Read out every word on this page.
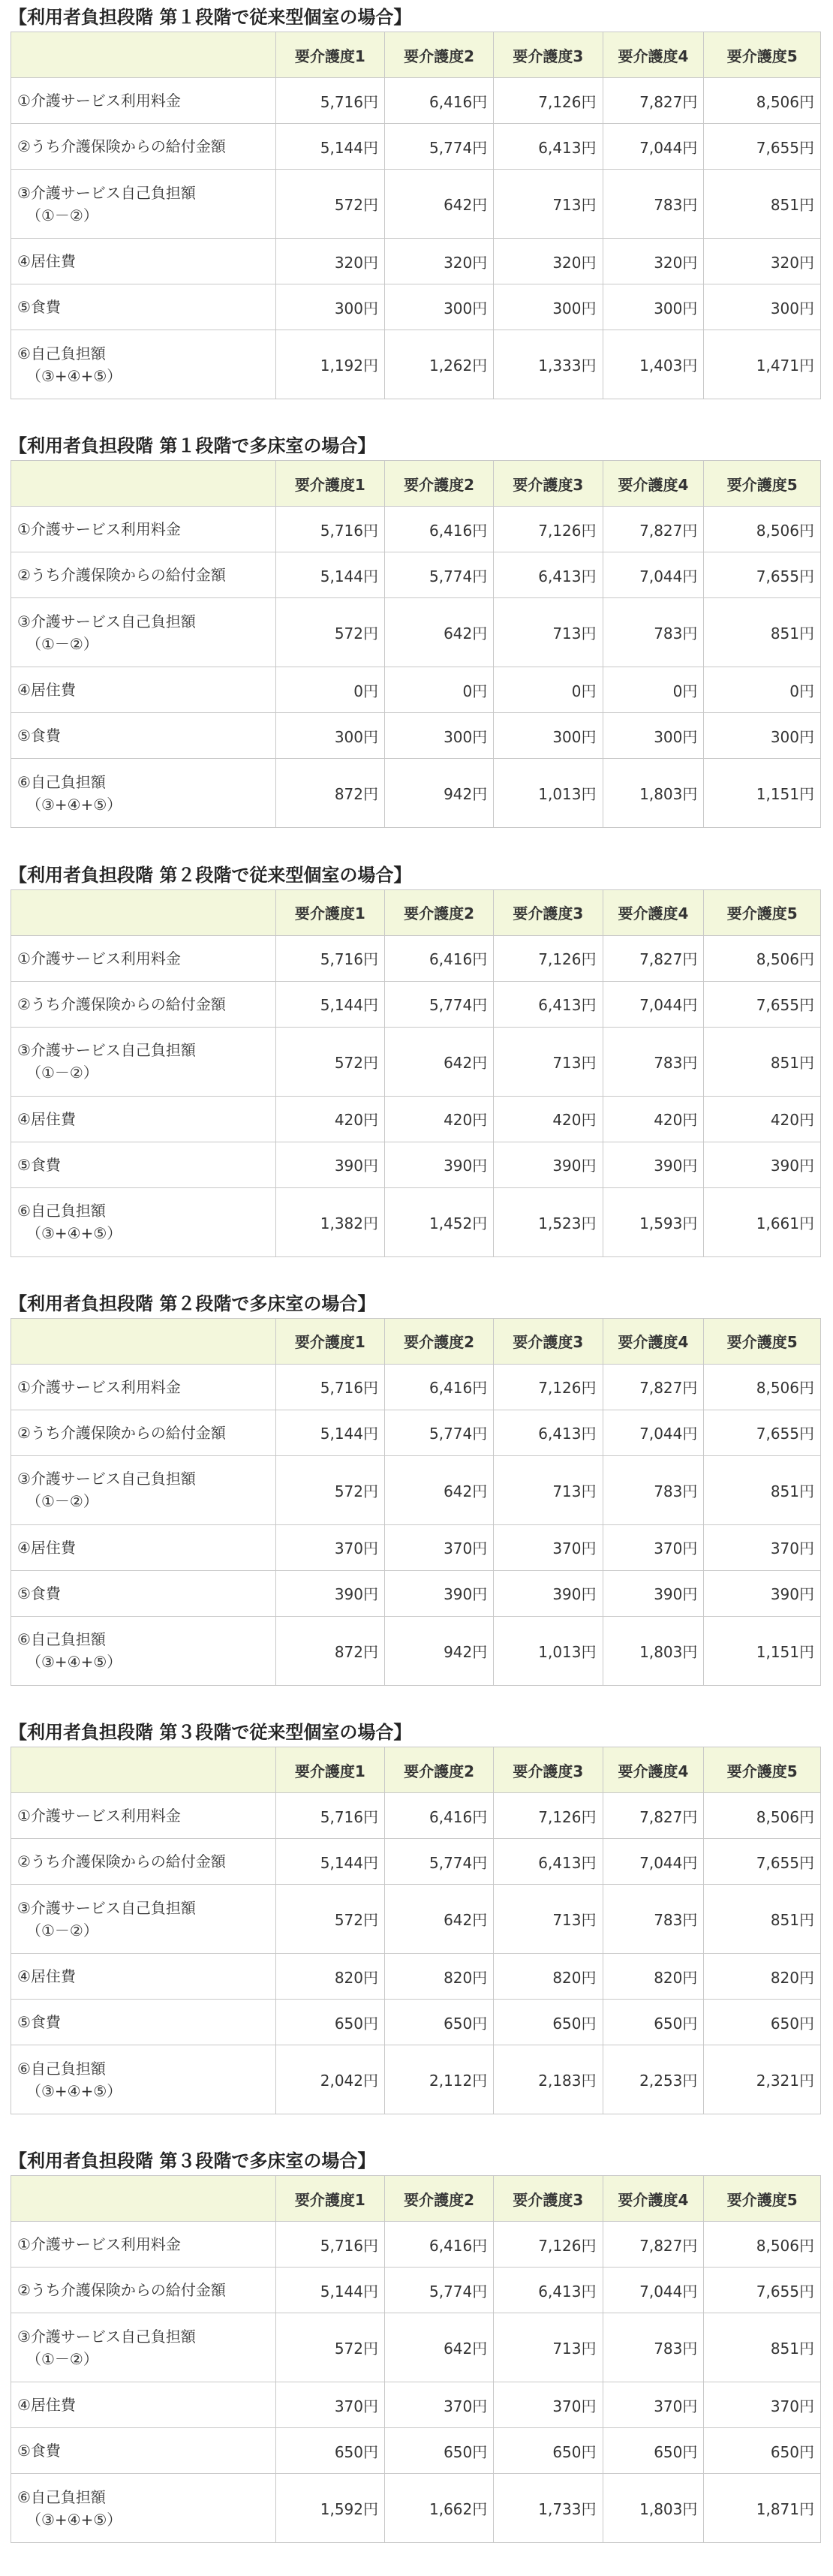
【利用者負担段階 第１段階で従来型個室の場合】
	要介護度1	要介護度2	要介護度3	要介護度4	要介護度5

①介護サービス利用料金	5,716円	6,416円	7,126円	7,827円	8,506円

②うち介護保険からの給付金額	5,144円	5,774円	6,413円	7,044円	7,655円

③介護サービス自己負担額
（①－②）	572円	642円	713円	783円	851円

④居住費	320円	320円	320円	320円	320円

⑤食費	300円	300円	300円	300円	300円

⑥自己負担額
（③+④+⑤）	1,192円	1,262円	1,333円	1,403円	1,471円
【利用者負担段階 第１段階で多床室の場合】
	要介護度1	要介護度2	要介護度3	要介護度4	要介護度5

①介護サービス利用料金	5,716円	6,416円	7,126円	7,827円	8,506円

②うち介護保険からの給付金額	5,144円	5,774円	6,413円	7,044円	7,655円

③介護サービス自己負担額
（①－②）	572円	642円	713円	783円	851円

④居住費	0円	0円	0円	0円	0円

⑤食費	300円	300円	300円	300円	300円

⑥自己負担額
（③+④+⑤）	872円	942円	1,013円	1,803円	1,151円
【利用者負担段階 第２段階で従来型個室の場合】
	要介護度1	要介護度2	要介護度3	要介護度4	要介護度5

①介護サービス利用料金	5,716円	6,416円	7,126円	7,827円	8,506円

②うち介護保険からの給付金額	5,144円	5,774円	6,413円	7,044円	7,655円

③介護サービス自己負担額
（①－②）	572円	642円	713円	783円	851円

④居住費	420円	420円	420円	420円	420円

⑤食費	390円	390円	390円	390円	390円

⑥自己負担額
（③+④+⑤）	1,382円	1,452円	1,523円	1,593円	1,661円
【利用者負担段階 第２段階で多床室の場合】
	要介護度1	要介護度2	要介護度3	要介護度4	要介護度5

①介護サービス利用料金	5,716円	6,416円	7,126円	7,827円	8,506円

②うち介護保険からの給付金額	5,144円	5,774円	6,413円	7,044円	7,655円

③介護サービス自己負担額
（①－②）	572円	642円	713円	783円	851円

④居住費	370円	370円	370円	370円	370円

⑤食費	390円	390円	390円	390円	390円

⑥自己負担額
（③+④+⑤）	872円	942円	1,013円	1,803円	1,151円
【利用者負担段階 第３段階で従来型個室の場合】
	要介護度1	要介護度2	要介護度3	要介護度4	要介護度5

①介護サービス利用料金	5,716円	6,416円	7,126円	7,827円	8,506円

②うち介護保険からの給付金額	5,144円	5,774円	6,413円	7,044円	7,655円

③介護サービス自己負担額
（①－②）	572円	642円	713円	783円	851円

④居住費	820円	820円	820円	820円	820円

⑤食費	650円	650円	650円	650円	650円

⑥自己負担額
（③+④+⑤）	2,042円	2,112円	2,183円	2,253円	2,321円
【利用者負担段階 第３段階で多床室の場合】
	要介護度1	要介護度2	要介護度3	要介護度4	要介護度5

①介護サービス利用料金	5,716円	6,416円	7,126円	7,827円	8,506円

②うち介護保険からの給付金額	5,144円	5,774円	6,413円	7,044円	7,655円

③介護サービス自己負担額
（①－②）	572円	642円	713円	783円	851円

④居住費	370円	370円	370円	370円	370円

⑤食費	650円	650円	650円	650円	650円

⑥自己負担額
（③+④+⑤）	1,592円	1,662円	1,733円	1,803円	1,871円
